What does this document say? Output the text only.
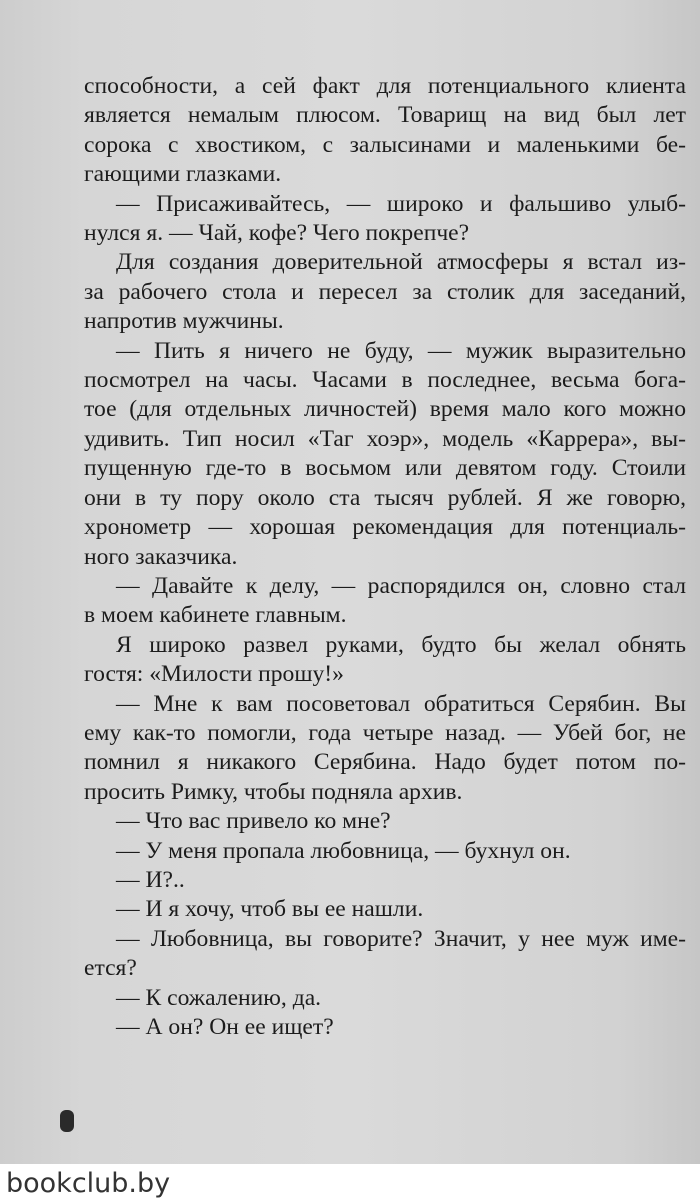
способности, а сей факт для потенциального клиента
является немалым плюсом. Товарищ на вид был лет
сорока с хвостиком, с залысинами и маленькими бе-
гающими глазками.
— Присаживайтесь, — широко и фальшиво улыб-
нулся я. — Чай, кофе? Чего покрепче?
Для создания доверительной атмосферы я встал из-
за рабочего стола и пересел за столик для заседаний,
напротив мужчины.
— Пить я ничего не буду, — мужик выразительно
посмотрел на часы. Часами в последнее, весьма бога-
тое (для отдельных личностей) время мало кого можно
удивить. Тип носил «Таг хоэр», модель «Каррера», вы-
пущенную где-то в восьмом или девятом году. Стоили
они в ту пору около ста тысяч рублей. Я же говорю,
хронометр — хорошая рекомендация для потенциаль-
ного заказчика.
— Давайте к делу, — распорядился он, словно стал
в моем кабинете главным.
Я широко развел руками, будто бы желал обнять
гостя: «Милости прошу!»
— Мне к вам посоветовал обратиться Серябин. Вы
ему как-то помогли, года четыре назад. — Убей бог, не
помнил я никакого Серябина. Надо будет потом по-
просить Римку, чтобы подняла архив.
— Что вас привело ко мне?
— У меня пропала любовница, — бухнул он.
— И?..
— И я хочу, чтоб вы ее нашли.
— Любовница, вы говорите? Значит, у нее муж име-
ется?
— К сожалению, да.
— А он? Он ее ищет?
bookclub.by
